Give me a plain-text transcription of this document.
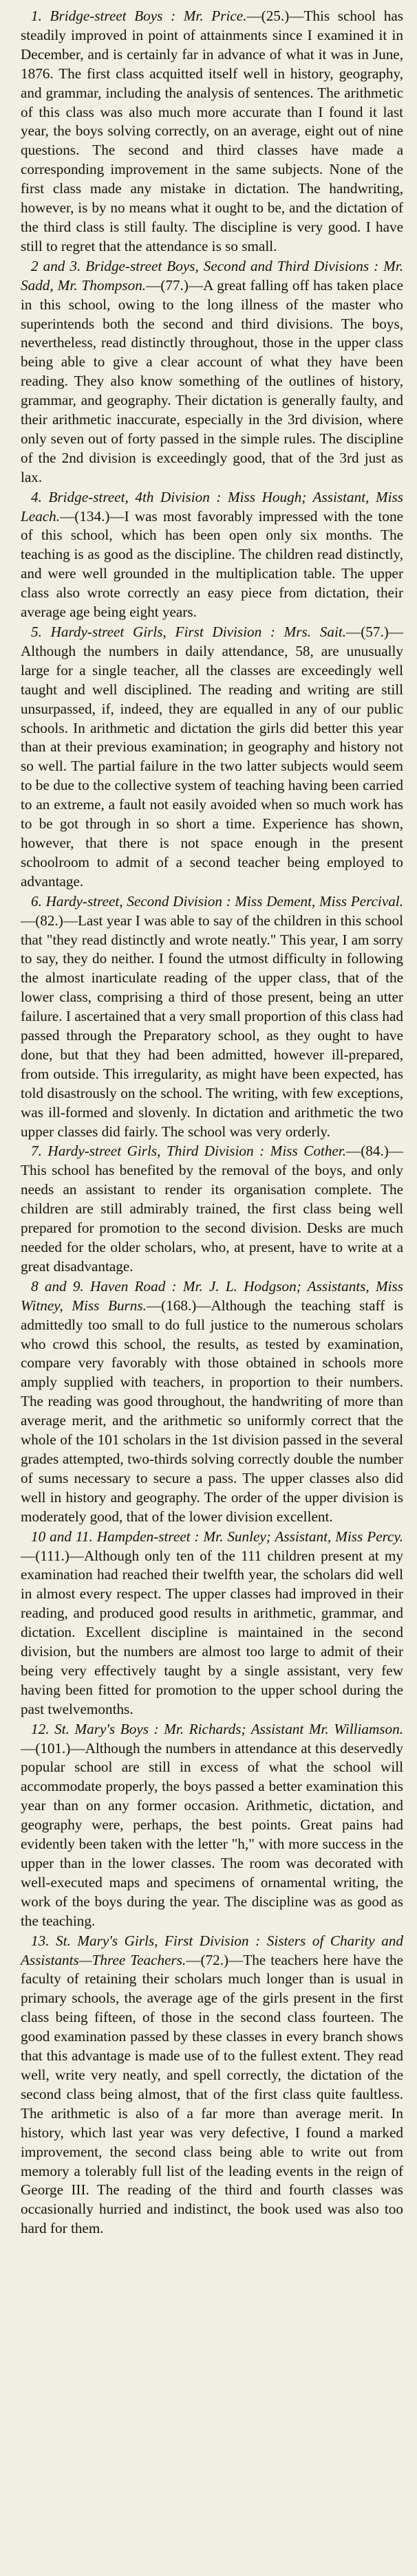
1. Bridge-street Boys : Mr. Price.—(25.)—This school has steadily improved in point of attainments since I examined it in December, and is certainly far in advance of what it was in June, 1876. The first class acquitted itself well in history, geography, and grammar, including the analysis of sentences. The arithmetic of this class was also much more accurate than I found it last year, the boys solving correctly, on an average, eight out of nine questions. The second and third classes have made a corresponding improvement in the same subjects. None of the first class made any mistake in dictation. The handwriting, however, is by no means what it ought to be, and the dictation of the third class is still faulty. The discipline is very good. I have still to regret that the attendance is so small.

2 and 3. Bridge-street Boys, Second and Third Divisions : Mr. Sadd, Mr. Thompson.—(77.)—A great falling off has taken place in this school, owing to the long illness of the master who superintends both the second and third divisions. The boys, nevertheless, read distinctly throughout, those in the upper class being able to give a clear account of what they have been reading. They also know something of the outlines of history, grammar, and geography. Their dictation is generally faulty, and their arithmetic inaccurate, especially in the 3rd division, where only seven out of forty passed in the simple rules. The discipline of the 2nd division is exceedingly good, that of the 3rd just as lax.

4. Bridge-street, 4th Division : Miss Hough; Assistant, Miss Leach.—(134.)—I was most favorably impressed with the tone of this school, which has been open only six months. The teaching is as good as the discipline. The children read distinctly, and were well grounded in the multiplication table. The upper class also wrote correctly an easy piece from dictation, their average age being eight years.

5. Hardy-street Girls, First Division : Mrs. Sait.—(57.)—Although the numbers in daily attendance, 58, are unusually large for a single teacher, all the classes are exceedingly well taught and well disciplined. The reading and writing are still unsurpassed, if, indeed, they are equalled in any of our public schools. In arithmetic and dictation the girls did better this year than at their previous examination; in geography and history not so well. The partial failure in the two latter subjects would seem to be due to the collective system of teaching having been carried to an extreme, a fault not easily avoided when so much work has to be got through in so short a time. Experience has shown, however, that there is not space enough in the present schoolroom to admit of a second teacher being employed to advantage.

6. Hardy-street, Second Division : Miss Dement, Miss Percival.—(82.)—Last year I was able to say of the children in this school that "they read distinctly and wrote neatly." This year, I am sorry to say, they do neither. I found the utmost difficulty in following the almost inarticulate reading of the upper class, that of the lower class, comprising a third of those present, being an utter failure. I ascertained that a very small proportion of this class had passed through the Preparatory school, as they ought to have done, but that they had been admitted, however ill-prepared, from outside. This irregularity, as might have been expected, has told disastrously on the school. The writing, with few exceptions, was ill-formed and slovenly. In dictation and arithmetic the two upper classes did fairly. The school was very orderly.

7. Hardy-street Girls, Third Division : Miss Cother.—(84.)—This school has benefited by the removal of the boys, and only needs an assistant to render its organisation complete. The children are still admirably trained, the first class being well prepared for promotion to the second division. Desks are much needed for the older scholars, who, at present, have to write at a great disadvantage.

8 and 9. Haven Road : Mr. J. L. Hodgson; Assistants, Miss Witney, Miss Burns.—(168.)—Although the teaching staff is admittedly too small to do full justice to the numerous scholars who crowd this school, the results, as tested by examination, compare very favorably with those obtained in schools more amply supplied with teachers, in proportion to their numbers. The reading was good throughout, the handwriting of more than average merit, and the arithmetic so uniformly correct that the whole of the 101 scholars in the 1st division passed in the several grades attempted, two-thirds solving correctly double the number of sums necessary to secure a pass. The upper classes also did well in history and geography. The order of the upper division is moderately good, that of the lower division excellent.

10 and 11. Hampden-street : Mr. Sunley; Assistant, Miss Percy.—(111.)—Although only ten of the 111 children present at my examination had reached their twelfth year, the scholars did well in almost every respect. The upper classes had improved in their reading, and produced good results in arithmetic, grammar, and dictation. Excellent discipline is maintained in the second division, but the numbers are almost too large to admit of their being very effectively taught by a single assistant, very few having been fitted for promotion to the upper school during the past twelvemonths.

12. St. Mary's Boys : Mr. Richards; Assistant Mr. Williamson.—(101.)—Although the numbers in attendance at this deservedly popular school are still in excess of what the school will accommodate properly, the boys passed a better examination this year than on any former occasion. Arithmetic, dictation, and geography were, perhaps, the best points. Great pains had evidently been taken with the letter "h," with more success in the upper than in the lower classes. The room was decorated with well-executed maps and specimens of ornamental writing, the work of the boys during the year. The discipline was as good as the teaching.

13. St. Mary's Girls, First Division : Sisters of Charity and Assistants—Three Teachers.—(72.)—The teachers here have the faculty of retaining their scholars much longer than is usual in primary schools, the average age of the girls present in the first class being fifteen, of those in the second class fourteen. The good examination passed by these classes in every branch shows that this advantage is made use of to the fullest extent. They read well, write very neatly, and spell correctly, the dictation of the second class being almost, that of the first class quite faultless. The arithmetic is also of a far more than average merit. In history, which last year was very defective, I found a marked improvement, the second class being able to write out from memory a tolerably full list of the leading events in the reign of George III. The reading of the third and fourth classes was occasionally hurried and indistinct, the book used was also too hard for them.
